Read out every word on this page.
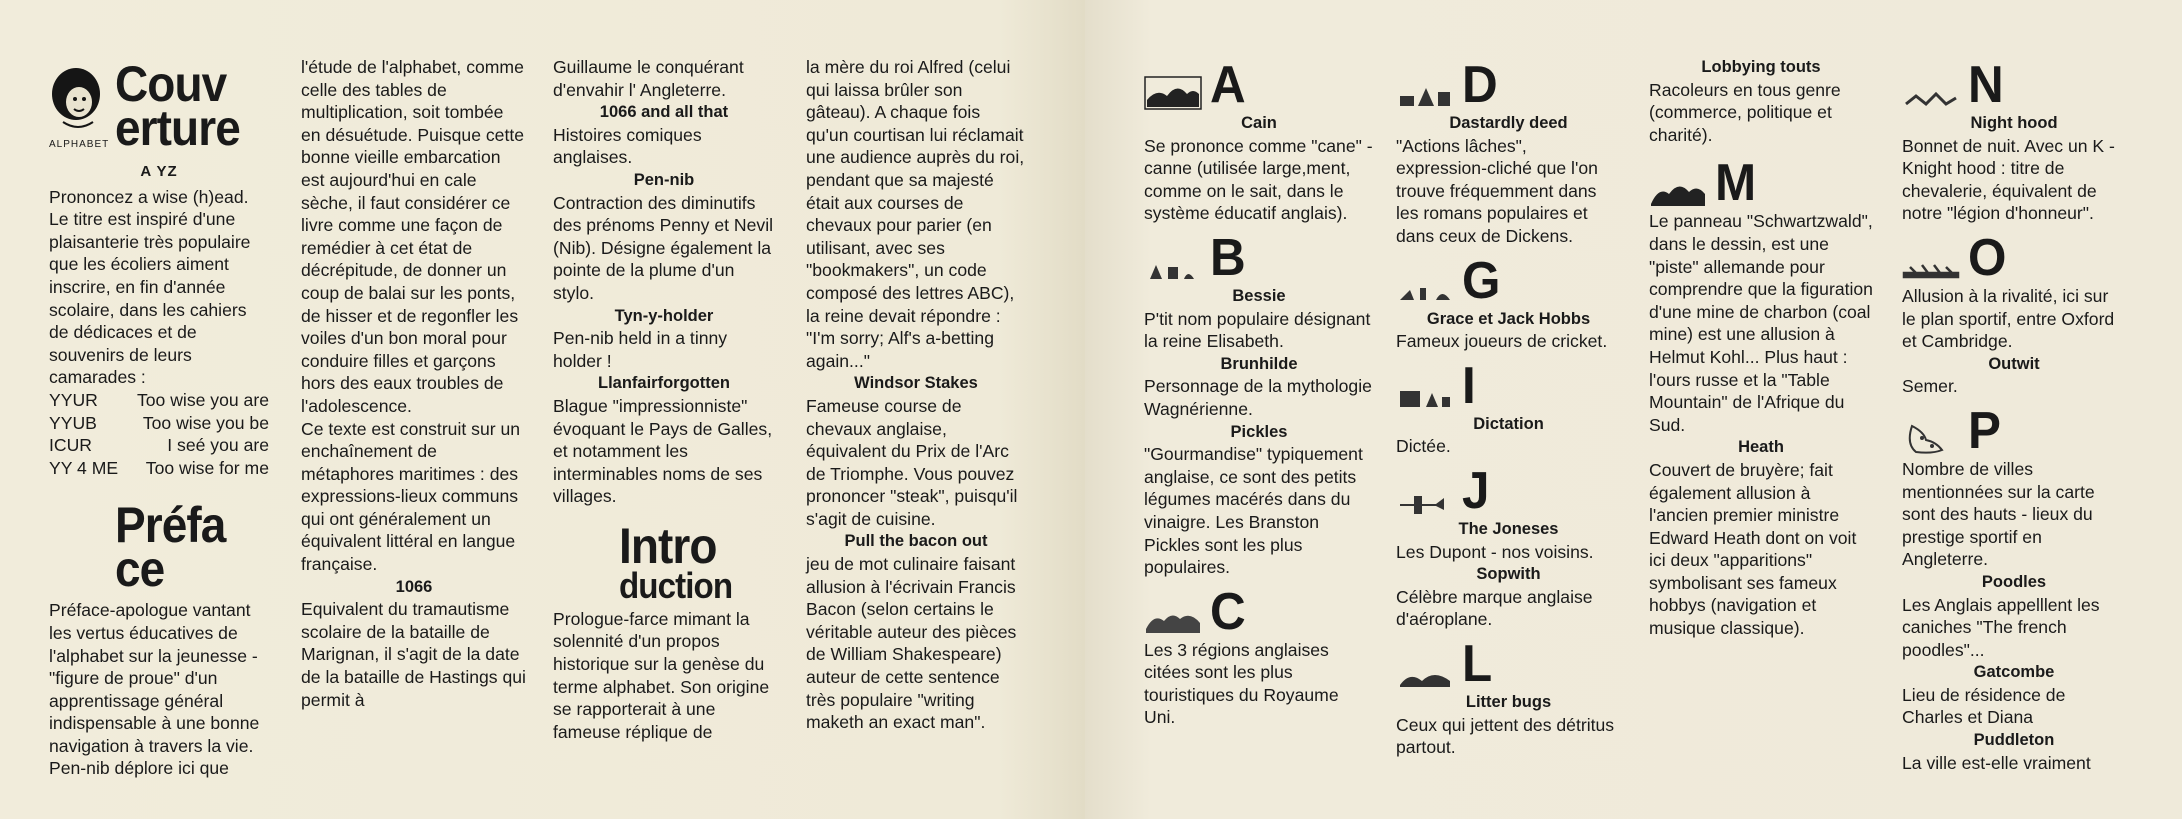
ALPHABET
Couv
erture
A YZ

Prononcez a wise (h)ead. Le titre est inspiré d'une plaisanterie très populaire que les écoliers aiment inscrire, en fin d'année scolaire, dans les cahiers de dédicaces et de souvenirs de leurs camarades :

YYUR	Too wise you are
YYUB	Too wise you be
ICUR	I seé you are
YY 4 ME	Too wise for me
Préfa
ce

Préface-apologue vantant les vertus éducatives de l'alphabet sur la jeunesse - "figure de proue" d'un apprentissage général indispensable à une bonne navigation à travers la vie. Pen-nib déplore ici que

l'étude de l'alphabet, comme celle des tables de multiplication, soit tombée en désuétude. Puisque cette bonne vieille embarcation est aujourd'hui en cale sèche, il faut considérer ce livre comme une façon de remédier à cet état de décrépitude, de donner un coup de balai sur les ponts, de hisser et de regonfler les voiles d'un bon moral pour conduire filles et garçons hors des eaux troubles de l'adolescence.

Ce texte est construit sur un enchaînement de métaphores maritimes : des expressions-lieux communs qui ont généralement un équivalent littéral en langue française.

1066

Equivalent du tramautisme scolaire de la bataille de Marignan, il s'agit de la date de la bataille de Hastings qui permit à

Guillaume le conquérant d'envahir l' Angleterre.

1066 and all that

Histoires comiques anglaises.

Pen-nib

Contraction des diminutifs des prénoms Penny et Nevil (Nib). Désigne également la pointe de la plume d'un stylo.

Tyn-y-holder

Pen-nib held in a tinny holder !

Llanfairforgotten

Blague "impressionniste" évoquant le Pays de Galles, et notamment les interminables noms de ses villages.

Intro
duction

Prologue-farce mimant la solennité d'un propos historique sur la genèse du terme alphabet. Son origine se rapporterait à une fameuse réplique de

la mère du roi Alfred (celui qui laissa brûler son gâteau). A chaque fois qu'un courtisan lui réclamait une audience auprès du roi, pendant que sa majesté était aux courses de chevaux pour parier (en utilisant, avec ses "bookmakers", un code composé des lettres ABC), la reine devait répondre : "I'm sorry; Alf's a-betting again..."

Windsor Stakes

Fameuse course de chevaux anglaise, équivalent du Prix de l'Arc de Triomphe. Vous pouvez prononcer "steak", puisqu'il s'agit de cuisine.

Pull the bacon out

jeu de mot culinaire faisant allusion à l'écrivain Francis Bacon (selon certains le véritable auteur des pièces de William Shakespeare) auteur de cette sentence très populaire "writing maketh an exact man".

A
Cain

Se prononce comme "cane" - canne (utilisée large,ment, comme on le sait, dans le système éducatif anglais).

B
Bessie

P'tit nom populaire désignant la reine Elisabeth.

Brunhilde

Personnage de la mythologie Wagnérienne.

Pickles

"Gourmandise" typiquement anglaise, ce sont des petits légumes macérés dans du vinaigre. Les Branston Pickles sont les plus populaires.

C

Les 3 régions anglaises citées sont les plus touristiques du Royaume Uni.

D
Dastardly deed

"Actions lâches", expression-cliché que l'on trouve fréquemment dans les romans populaires et dans ceux de Dickens.

G
Grace et Jack Hobbs

Fameux joueurs de cricket.

I
Dictation

Dictée.

J
The Joneses

Les Dupont - nos voisins.

Sopwith

Célèbre marque anglaise d'aéroplane.

L
Litter bugs

Ceux qui jettent des détritus partout.

Lobbying touts

Racoleurs en tous genre (commerce, politique et charité).

M

Le panneau "Schwartzwald", dans le dessin, est une "piste" allemande pour comprendre que la figuration d'une mine de charbon (coal mine) est une allusion à Helmut Kohl... Plus haut : l'ours russe et la "Table Mountain" de l'Afrique du Sud.

Heath

Couvert de bruyère; fait également allusion à l'ancien premier ministre Edward Heath dont on voit ici deux "apparitions" symbolisant ses fameux hobbys (navigation et musique classique).

N
Night hood

Bonnet de nuit. Avec un K - Knight hood : titre de chevalerie, équivalent de notre "légion d'honneur".

O

Allusion à la rivalité, ici sur le plan sportif, entre Oxford et Cambridge.

Outwit

Semer.

P

Nombre de villes mentionnées sur la carte sont des hauts - lieux du prestige sportif en Angleterre.

Poodles

Les Anglais appelllent les caniches "The french poodles"...

Gatcombe

Lieu de résidence de Charles et Diana

Puddleton

La ville est-elle vraiment
